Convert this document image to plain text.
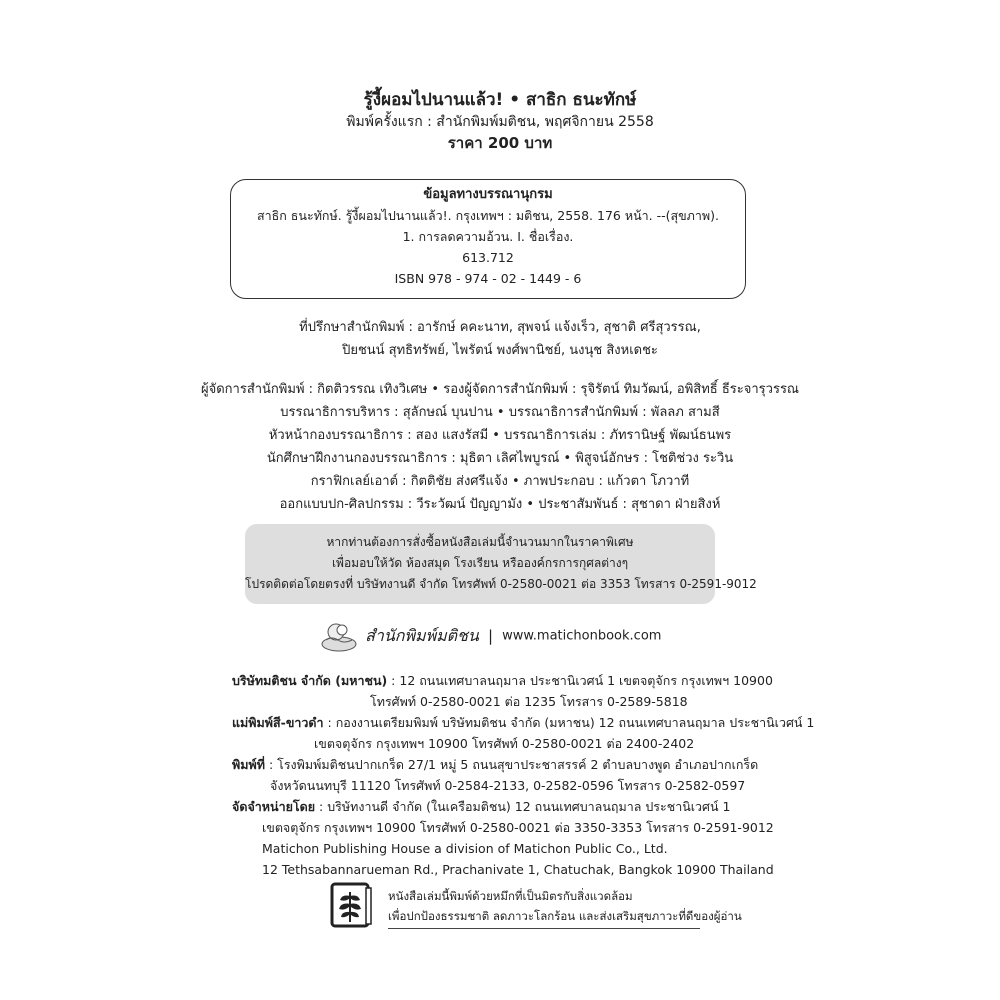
รู้งี้ผอมไปนานแล้ว! • สาธิก ธนะทักษ์
พิมพ์ครั้งแรก : สำนักพิมพ์มติชน, พฤศจิกายน 2558
ราคา 200 บาท
ข้อมูลทางบรรณานุกรม
สาธิก ธนะทักษ์. รู้งี้ผอมไปนานแล้ว!. กรุงเทพฯ : มติชน, 2558. 176 หน้า. --(สุขภาพ).
1. การลดความอ้วน. I. ชื่อเรื่อง.
613.712
ISBN 978 - 974 - 02 - 1449 - 6
ที่ปรึกษาสำนักพิมพ์ : อารักษ์ คคะนาท, สุพจน์ แจ้งเร็ว, สุชาติ ศรีสุวรรณ,
ปิยชนน์ สุทธิทรัพย์, ไพรัตน์ พงศ์พานิชย์, นงนุช สิงหเดชะ
ผู้จัดการสำนักพิมพ์ : กิตติวรรณ เทิงวิเศษ • รองผู้จัดการสำนักพิมพ์ : รุจิรัตน์ ทิมวัฒน์, อพิสิทธิ์ ธีระจารุวรรณ
บรรณาธิการบริหาร : สุลักษณ์ บุนปาน • บรรณาธิการสำนักพิมพ์ : พัลลภ สามสี
หัวหน้ากองบรรณาธิการ : สอง แสงรัสมี • บรรณาธิการเล่ม : ภัทรานิษฐ์ พัฒน์ธนพร
นักศึกษาฝึกงานกองบรรณาธิการ : มุธิตา เลิศไพบูรณ์ • พิสูจน์อักษร : โชติช่วง ระวิน
กราฟิกเลย์เอาต์ : กิตติชัย ส่งศรีแจ้ง • ภาพประกอบ : แก้วตา โภวาที
ออกแบบปก-ศิลปกรรม : วีระวัฒน์ ปัญญามัง • ประชาสัมพันธ์ : สุชาดา ฝ่ายสิงห์
หากท่านต้องการสั่งซื้อหนังสือเล่มนี้จำนวนมากในราคาพิเศษ
เพื่อมอบให้วัด ห้องสมุด โรงเรียน หรือองค์กรการกุศลต่างๆ
โปรดติดต่อโดยตรงที่ บริษัทงานดี จำกัด โทรศัพท์ 0-2580-0021 ต่อ 3353 โทรสาร 0-2591-9012
สำนักพิมพ์มติชน | www.matichonbook.com
บริษัทมติชน จำกัด (มหาชน) : 12 ถนนเทศบาลนฤมาล ประชานิเวศน์ 1 เขตจตุจักร กรุงเทพฯ 10900
โทรศัพท์ 0-2580-0021 ต่อ 1235 โทรสาร 0-2589-5818
แม่พิมพ์สี-ขาวดำ : กองงานเตรียมพิมพ์ บริษัทมติชน จำกัด (มหาชน) 12 ถนนเทศบาลนฤมาล ประชานิเวศน์ 1
เขตจตุจักร กรุงเทพฯ 10900 โทรศัพท์ 0-2580-0021 ต่อ 2400-2402
พิมพ์ที่ : โรงพิมพ์มติชนปากเกร็ด 27/1 หมู่ 5 ถนนสุขาประชาสรรค์ 2 ตำบลบางพูด อำเภอปากเกร็ด
จังหวัดนนทบุรี 11120 โทรศัพท์ 0-2584-2133, 0-2582-0596 โทรสาร 0-2582-0597
จัดจำหน่ายโดย : บริษัทงานดี จำกัด (ในเครือมติชน) 12 ถนนเทศบาลนฤมาล ประชานิเวศน์ 1
เขตจตุจักร กรุงเทพฯ 10900 โทรศัพท์ 0-2580-0021 ต่อ 3350-3353 โทรสาร 0-2591-9012
Matichon Publishing House a division of Matichon Public Co., Ltd.
12 Tethsabannarueman Rd., Prachanivate 1, Chatuchak, Bangkok 10900 Thailand
หนังสือเล่มนี้พิมพ์ด้วยหมึกที่เป็นมิตรกับสิ่งแวดล้อม
เพื่อปกป้องธรรมชาติ ลดภาวะโลกร้อน และส่งเสริมสุขภาวะที่ดีของผู้อ่าน
